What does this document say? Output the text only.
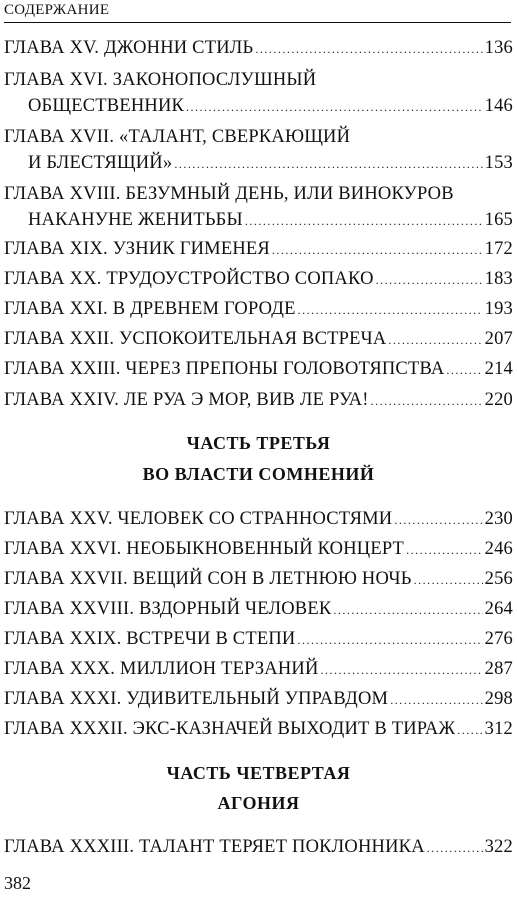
СОДЕРЖАНИЕ
ГЛАВА XV. ДЖОННИ СТИЛЬ .....	136
ГЛАВА XVI. ЗАКОНОПОСЛУШНЫЙ
ОБЩЕСТВЕННИК .....	146
ГЛАВА XVII. «ТАЛАНТ, СВЕРКАЮЩИЙ
И БЛЕСТЯЩИЙ» .....	153
ГЛАВА XVIII. БЕЗУМНЫЙ ДЕНЬ, ИЛИ ВИНОКУРОВ
НАКАНУНЕ ЖЕНИТЬБЫ .....	165
ГЛАВА XIX. УЗНИК ГИМЕНЕЯ .....	172
ГЛАВА XX. ТРУДОУСТРОЙСТВО СОПАКО .....	183
ГЛАВА XXI. В ДРЕВНЕМ ГОРОДЕ .....	193
ГЛАВА XXII. УСПОКОИТЕЛЬНАЯ ВСТРЕЧА .....	207
ГЛАВА XXIII. ЧЕРЕЗ ПРЕПОНЫ ГОЛОВОТЯПСТВА ..... 214
ГЛАВА XXIV. ЛЕ РУА Э МОР, ВИВ ЛЕ РУА! .....	220
ЧАСТЬ ТРЕТЬЯ
ВО ВЛАСТИ СОМНЕНИЙ
ГЛАВА XXV. ЧЕЛОВЕК СО СТРАННОСТЯМИ .....	230
ГЛАВА XXVI. НЕОБЫКНОВЕННЫЙ КОНЦЕРТ .....	246
ГЛАВА XXVII. ВЕЩИЙ СОН В ЛЕТНЮЮ НОЧЬ .....	256
ГЛАВА XXVIII. ВЗДОРНЫЙ ЧЕЛОВЕК .....	264
ГЛАВА XXIX. ВСТРЕЧИ В СТЕПИ .....	276
ГЛАВА XXX. МИЛЛИОН ТЕРЗАНИЙ .....	287
ГЛАВА XXXI. УДИВИТЕЛЬНЫЙ УПРАВДОМ .....	298
ГЛАВА XXXII. ЭКС-КАЗНАЧЕЙ ВЫХОДИТ В ТИРАЖ ..... 312
ЧАСТЬ ЧЕТВЕРТАЯ
АГОНИЯ
ГЛАВА XXXIII. ТАЛАНТ ТЕРЯЕТ ПОКЛОННИКА .....	322
382
